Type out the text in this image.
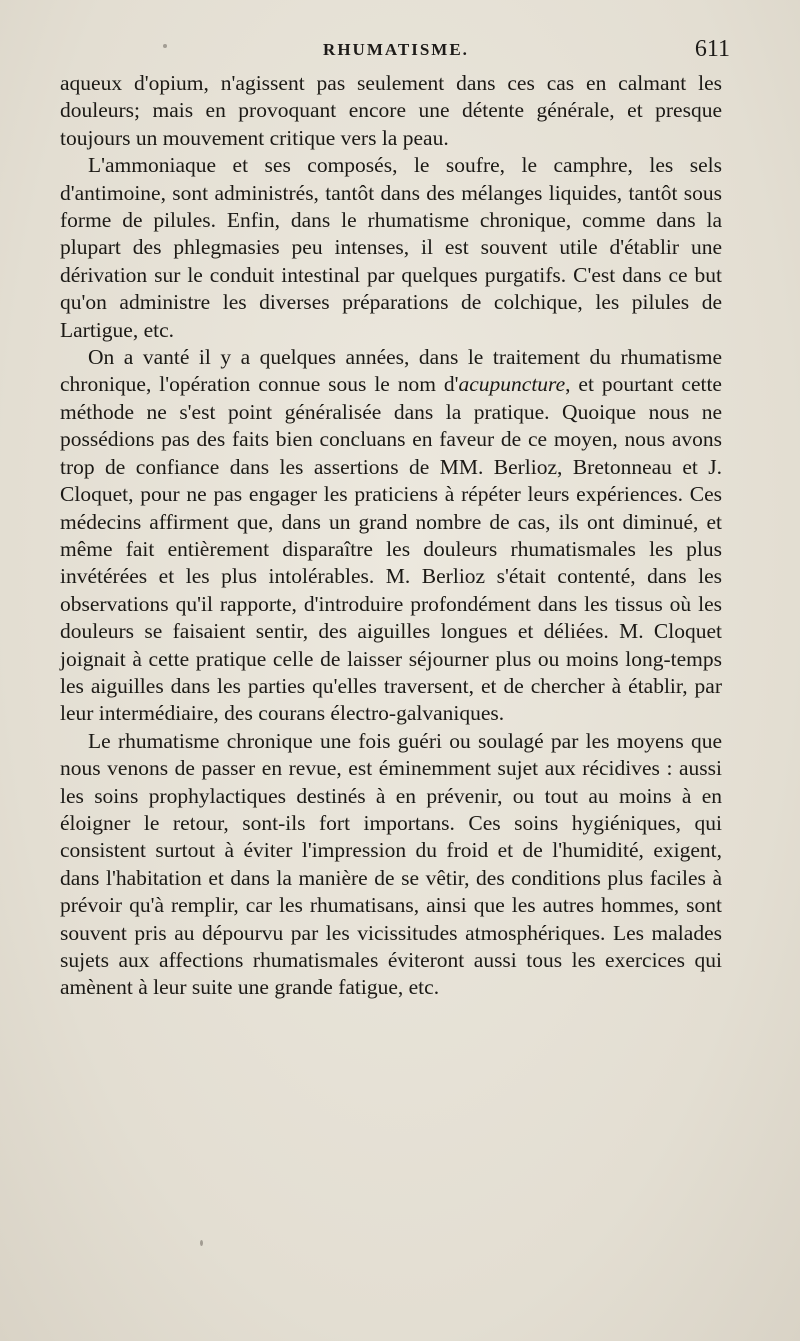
RHUMATISME.	611

aqueux d'opium, n'agissent pas seulement dans ces cas en calmant les douleurs; mais en provoquant encore une détente générale, et presque toujours un mouvement critique vers la peau.

L'ammoniaque et ses composés, le soufre, le camphre, les sels d'antimoine, sont administrés, tantôt dans des mélanges liquides, tantôt sous forme de pilules. Enfin, dans le rhumatisme chronique, comme dans la plupart des phlegmasies peu intenses, il est souvent utile d'établir une dérivation sur le conduit intestinal par quelques purgatifs. C'est dans ce but qu'on administre les diverses préparations de colchique, les pilules de Lartigue, etc.

On a vanté il y a quelques années, dans le traitement du rhumatisme chronique, l'opération connue sous le nom d'acupuncture, et pourtant cette méthode ne s'est point généralisée dans la pratique. Quoique nous ne possédions pas des faits bien concluans en faveur de ce moyen, nous avons trop de confiance dans les assertions de MM. Berlioz, Bretonneau et J. Cloquet, pour ne pas engager les praticiens à répéter leurs expériences. Ces médecins affirment que, dans un grand nombre de cas, ils ont diminué, et même fait entièrement disparaître les douleurs rhumatismales les plus invétérées et les plus intolérables. M. Berlioz s'était contenté, dans les observations qu'il rapporte, d'introduire profondément dans les tissus où les douleurs se faisaient sentir, des aiguilles longues et déliées. M. Cloquet joignait à cette pratique celle de laisser séjourner plus ou moins long-temps les aiguilles dans les parties qu'elles traversent, et de chercher à établir, par leur intermédiaire, des courans électro-galvaniques.

Le rhumatisme chronique une fois guéri ou soulagé par les moyens que nous venons de passer en revue, est éminemment sujet aux récidives : aussi les soins prophylactiques destinés à en prévenir, ou tout au moins à en éloigner le retour, sont-ils fort importans. Ces soins hygiéniques, qui consistent surtout à éviter l'impression du froid et de l'humidité, exigent, dans l'habitation et dans la manière de se vêtir, des conditions plus faciles à prévoir qu'à remplir, car les rhumatisans, ainsi que les autres hommes, sont souvent pris au dépourvu par les vicissitudes atmosphériques. Les malades sujets aux affections rhumatismales éviteront aussi tous les exercices qui amènent à leur suite une grande fatigue, etc.
